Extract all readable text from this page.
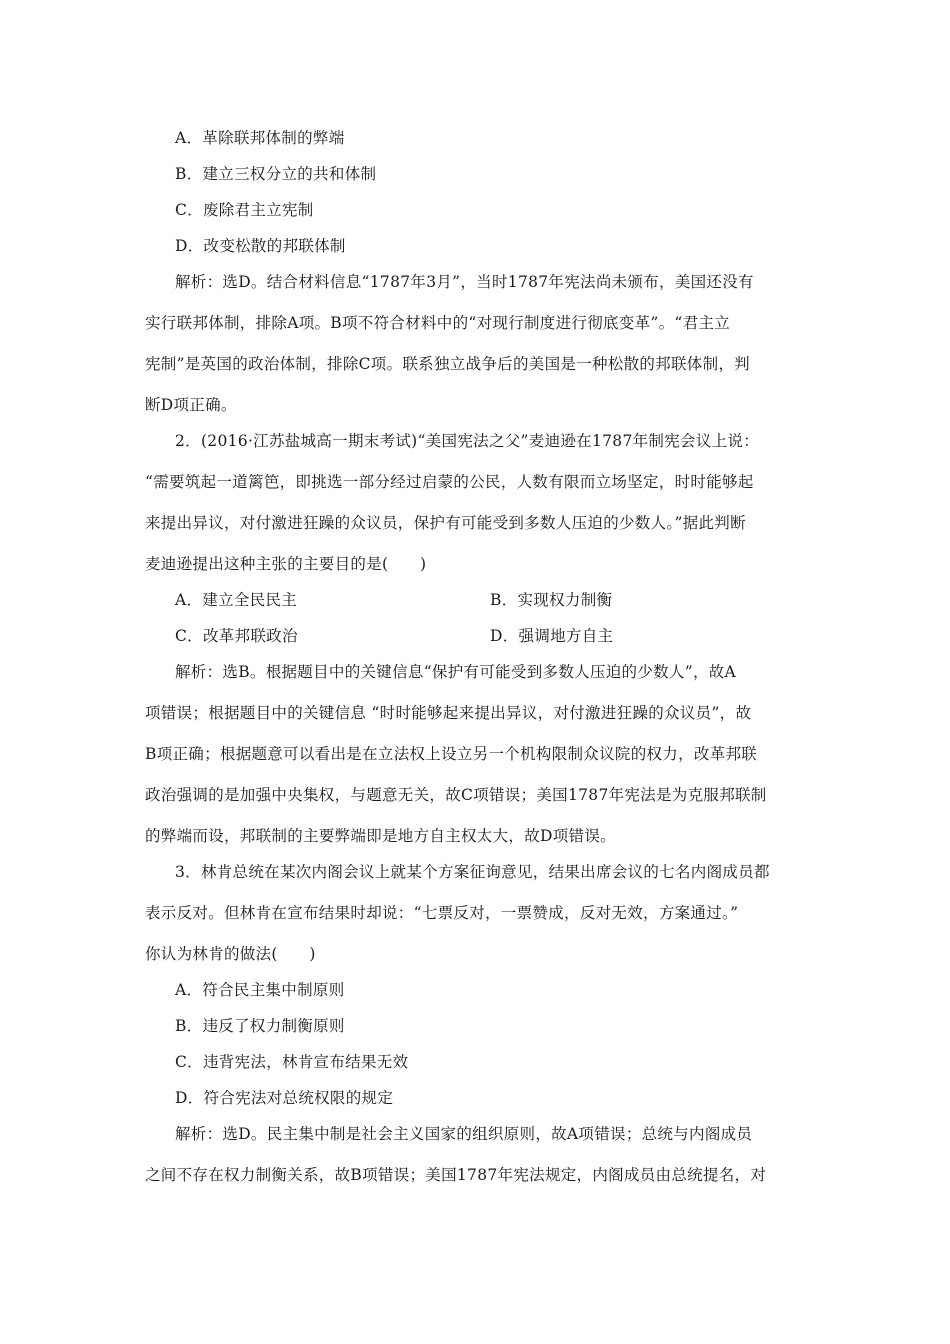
A．革除联邦体制的弊端
B．建立三权分立的共和体制
C．废除君主立宪制
D．改变松散的邦联体制
解析：选D。结合材料信息“1787年3月”，当时1787年宪法尚未颁布，美国还没有
实行联邦体制，排除A项。B项不符合材料中的“对现行制度进行彻底变革”。“君主立
宪制”是英国的政治体制，排除C项。联系独立战争后的美国是一种松散的邦联体制，判
断D项正确。
2．(2016·江苏盐城高一期末考试)“美国宪法之父”麦迪逊在1787年制宪会议上说：
“需要筑起一道篱笆，即挑选一部分经过启蒙的公民，人数有限而立场坚定，时时能够起
来提出异议，对付激进狂躁的众议员，保护有可能受到多数人压迫的少数人。”据此判断
麦迪逊提出这种主张的主要目的是(　　)
A．建立全民民主	B．实现权力制衡
C．改革邦联政治	D．强调地方自主
解析：选B。根据题目中的关键信息“保护有可能受到多数人压迫的少数人”，故A
项错误；根据题目中的关键信息 “时时能够起来提出异议，对付激进狂躁的众议员”，故
B项正确；根据题意可以看出是在立法权上设立另一个机构限制众议院的权力，改革邦联
政治强调的是加强中央集权，与题意无关，故C项错误；美国1787年宪法是为克服邦联制
的弊端而设，邦联制的主要弊端即是地方自主权太大，故D项错误。
3．林肯总统在某次内阁会议上就某个方案征询意见，结果出席会议的七名内阁成员都
表示反对。但林肯在宣布结果时却说：“七票反对，一票赞成，反对无效，方案通过。”
你认为林肯的做法(　　)
A．符合民主集中制原则
B．违反了权力制衡原则
C．违背宪法，林肯宣布结果无效
D．符合宪法对总统权限的规定
解析：选D。民主集中制是社会主义国家的组织原则，故A项错误；总统与内阁成员
之间不存在权力制衡关系，故B项错误；美国1787年宪法规定，内阁成员由总统提名，对
